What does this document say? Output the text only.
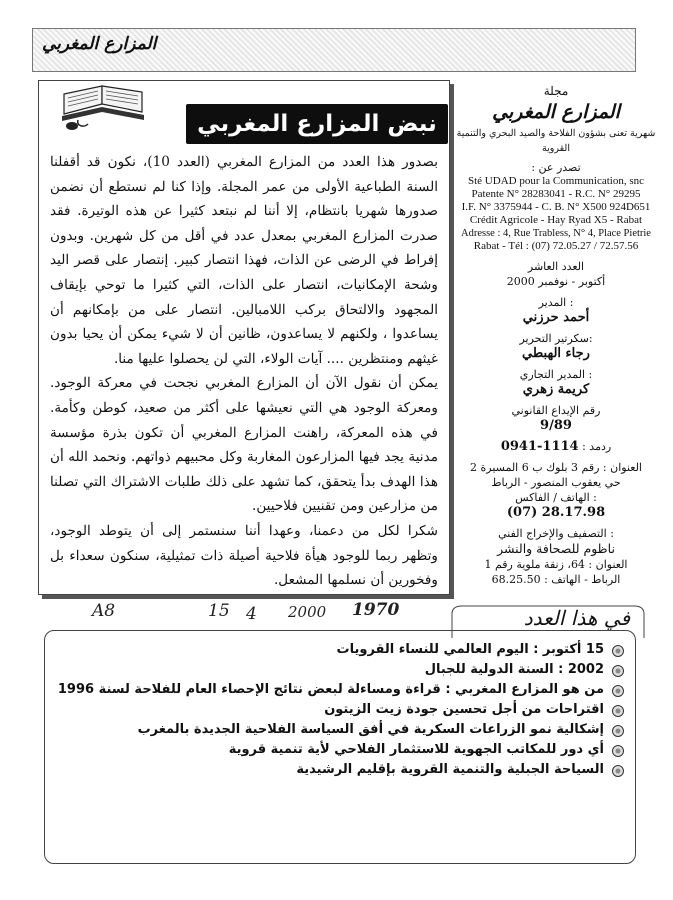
المزارع المغربي
نبض المزارع المغربي

بصدور هذا العدد من المزارع المغربي (العدد 10)، نكون قد أقفلنا السنة الطباعية الأولى من عمر المجلة. وإذا كنا لم نستطع أن نضمن صدورها شهريا بانتظام، إلا أننا لم نبتعد كثيرا عن هذه الوتيرة. فقد صدرت المزارع المغربي بمعدل عدد في أقل من كل شهرين. وبدون إفراط في الرضى عن الذات، فهذا انتصار كبير. إنتصار على قصر اليد وشحة الإمكانيات، انتصار على الذات، التي كثيرا ما توحي بإيقاف المجهود والالتحاق بركب اللامبالين. انتصار على من بإمكانهم أن يساعدوا ، ولكنهم لا يساعدون، ظانين أن لا شيء يمكن أن يحيا بدون غيثهم ومنتظرين .... آيات الولاء، التي لن يحصلوا عليها منا.

يمكن أن نقول الآن أن المزارع المغربي نجحت في معركة الوجود. ومعركة الوجود هي التي نعيشها على أكثر من صعيد، كوطن وكأمة. في هذه المعركة، راهنت المزارع المغربي أن تكون بذرة مؤسسة مدنية يجد فيها المزارعون المغاربة وكل محبيهم ذواتهم. ونحمد الله أن هذا الهدف بدأ يتحقق، كما تشهد على ذلك طلبات الاشتراك التي تصلنا من مزارعين ومن تقنيين فلاحيين.

شكرا لكل من دعمنا، وعهدا أننا سنستمر إلى أن يتوطد الوجود، وتظهر ربما للوجود هيأة فلاحية أصيلة ذات تمثيلية، سنكون سعداء بل وفخورين أن نسلمها المشعل.

مجلة
المزارع المغربي
شهرية تعنى بشؤون الفلاحة والصيد البحري والتنمية القروية
تصدر عن :
Sté UDAD pour la Communication, snc
Patente N° 28283041 - R.C. N° 29295
I.F. N° 3375944 - C. B. N° X500 924D651
Crédit Agricole - Hay Ryad X5 - Rabat
Adresse : 4, Rue Trabless, N° 4, Place Pietrie
Rabat - Tél : (07) 72.05.27 / 72.57.56
العدد العاشر
أكتوبر - نوفمبر 2000
المدير :
أحمد حرزني
سكرتير التحرير:
رجاء الهبطي
المدير التجاري :
كريمة زهري
رقم الإيداع القانوني
9/89
ردمد : 1114-0941
العنوان : رقم 3 بلوك ب 6 المسيرة 2
حي يعقوب المنصور - الرباط
الهاتف / الفاكس :
(07) 28.17.98
التصفيف والإخراج الفني :
ناظوم للصحافة والنشر
العنوان : 64، زنقة ملوية رقم 1
الرباط - الهاتف : 68.25.50
A8	15 4 2000 1970	في هذا العدد
15 أكتوبر : اليوم العالمي للنساء القرويات
2002 : السنة الدولية للجبال
من هو المزارع المغربي : قراءة ومساءلة لبعض نتائج الإحصاء العام للفلاحة لسنة 1996
اقتراحات من أجل تحسين جودة زيت الزيتون
إشكالية نمو الزراعات السكرية في أفق السياسة الفلاحية الجديدة بالمغرب
أي دور للمكاتب الجهوية للاستثمار الفلاحي لأية تنمية قروية
السياحة الجبلية والتنمية القروية بإقليم الرشيدية
